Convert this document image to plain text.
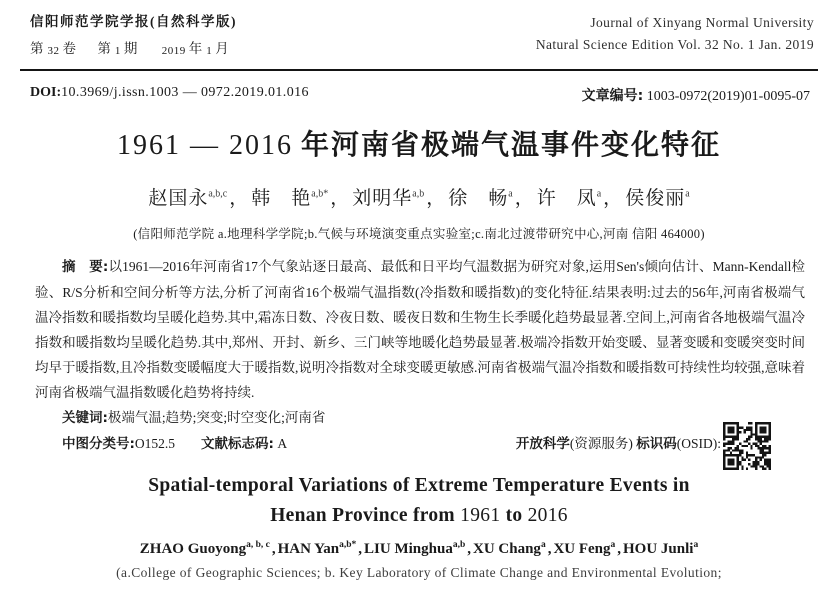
信阳师范学院学报(自然科学版)
第 32 卷 第 1 期 2019 年 1 月
Journal of Xinyang Normal University
Natural Science Edition Vol. 32 No. 1 Jan. 2019
DOI:10.3969/j.issn.1003 — 0972.2019.01.016	文章编号: 1003-0972(2019)01-0095-07
1961 — 2016 年河南省极端气温事件变化特征
赵国永$^{a,b,c}$ ， 韩　艳$^{a,b*}$ ， 刘明华$^{a,b}$ ， 徐　畅$^a$ ， 许　凤$^a$ ， 侯俊丽$^a$
(信阳师范学院 a.地理科学学院;b.气候与环境演变重点实验室;c.南北过渡带研究中心,河南 信阳 464000)

摘　要:以1961—2016年河南省17个气象站逐日最高、最低和日平均气温数据为研究对象,运用Sen's倾向估计、Mann-Kendall检验、R/S分析和空间分析等方法,分析了河南省16个极端气温指数(冷指数和暖指数)的变化特征.结果表明:过去的56年,河南省极端气温冷指数和暖指数均呈暖化趋势.其中,霜冻日数、冷夜日数、暖夜日数和生物生长季暖化趋势最显著.空间上,河南省各地极端气温冷指数和暖指数均呈暖化趋势.其中,郑州、开封、新乡、三门峡等地暖化趋势最显著.极端冷指数开始变暖、显著变暖和变暖突变时间均早于暖指数,且冷指数变暖幅度大于暖指数,说明冷指数对全球变暖更敏感.河南省极端气温冷指数和暖指数可持续性均较强,意味着河南省极端气温指数暖化趋势将持续.

关键词:极端气温;趋势;突变;时空变化;河南省

中图分类号:O152.5 文献标志码: A	开放科学(资源服务) 标识码(OSID):
Spatial-temporal Variations of Extreme Temperature Events in
Henan Province from 1961 to 2016
ZHAO Guoyong$^{a, b, c}$ , HAN Yan$^{a,b*}$ , LIU Minghua$^{a,b}$ , XU Chang$^a$ , XU Feng$^a$ , HOU Junli$^a$
(a.College of Geographic Sciences; b. Key Laboratory of Climate Change and Environmental Evolution;
